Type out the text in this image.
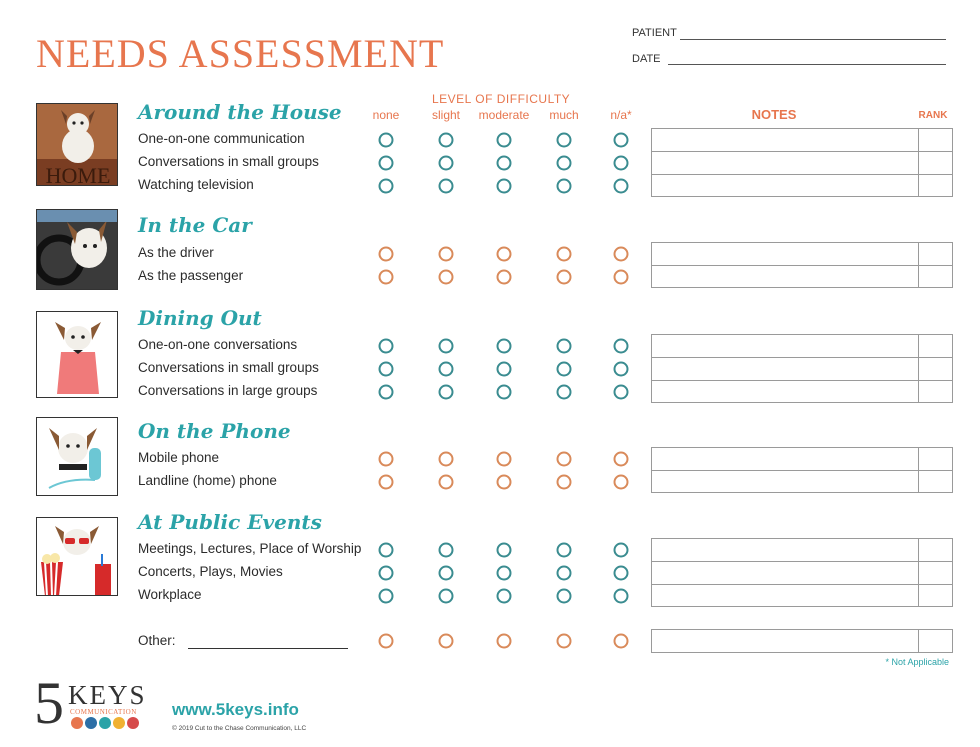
NEEDS ASSESSMENT	PATIENT
DATE
LEVEL OF DIFFICULTY
none	slight moderate much	n/a*	NOTES	RANK
HOME
Around the House
One-on-one communication
Conversations in small groups
Watching television
In the Car
As the driver
As the passenger
Dining Out
One-on-one conversations
Conversations in small groups
Conversations in large groups
On the Phone
Mobile phone
Landline (home) phone
At Public Events
Meetings, Lectures, Place of Worship
Concerts, Plays, Movies
Workplace
Other:
* Not Applicable
5 KEYS
COMMUNICATION www.5keys.info
© 2019 Cut to the Chase Communication, LLC
